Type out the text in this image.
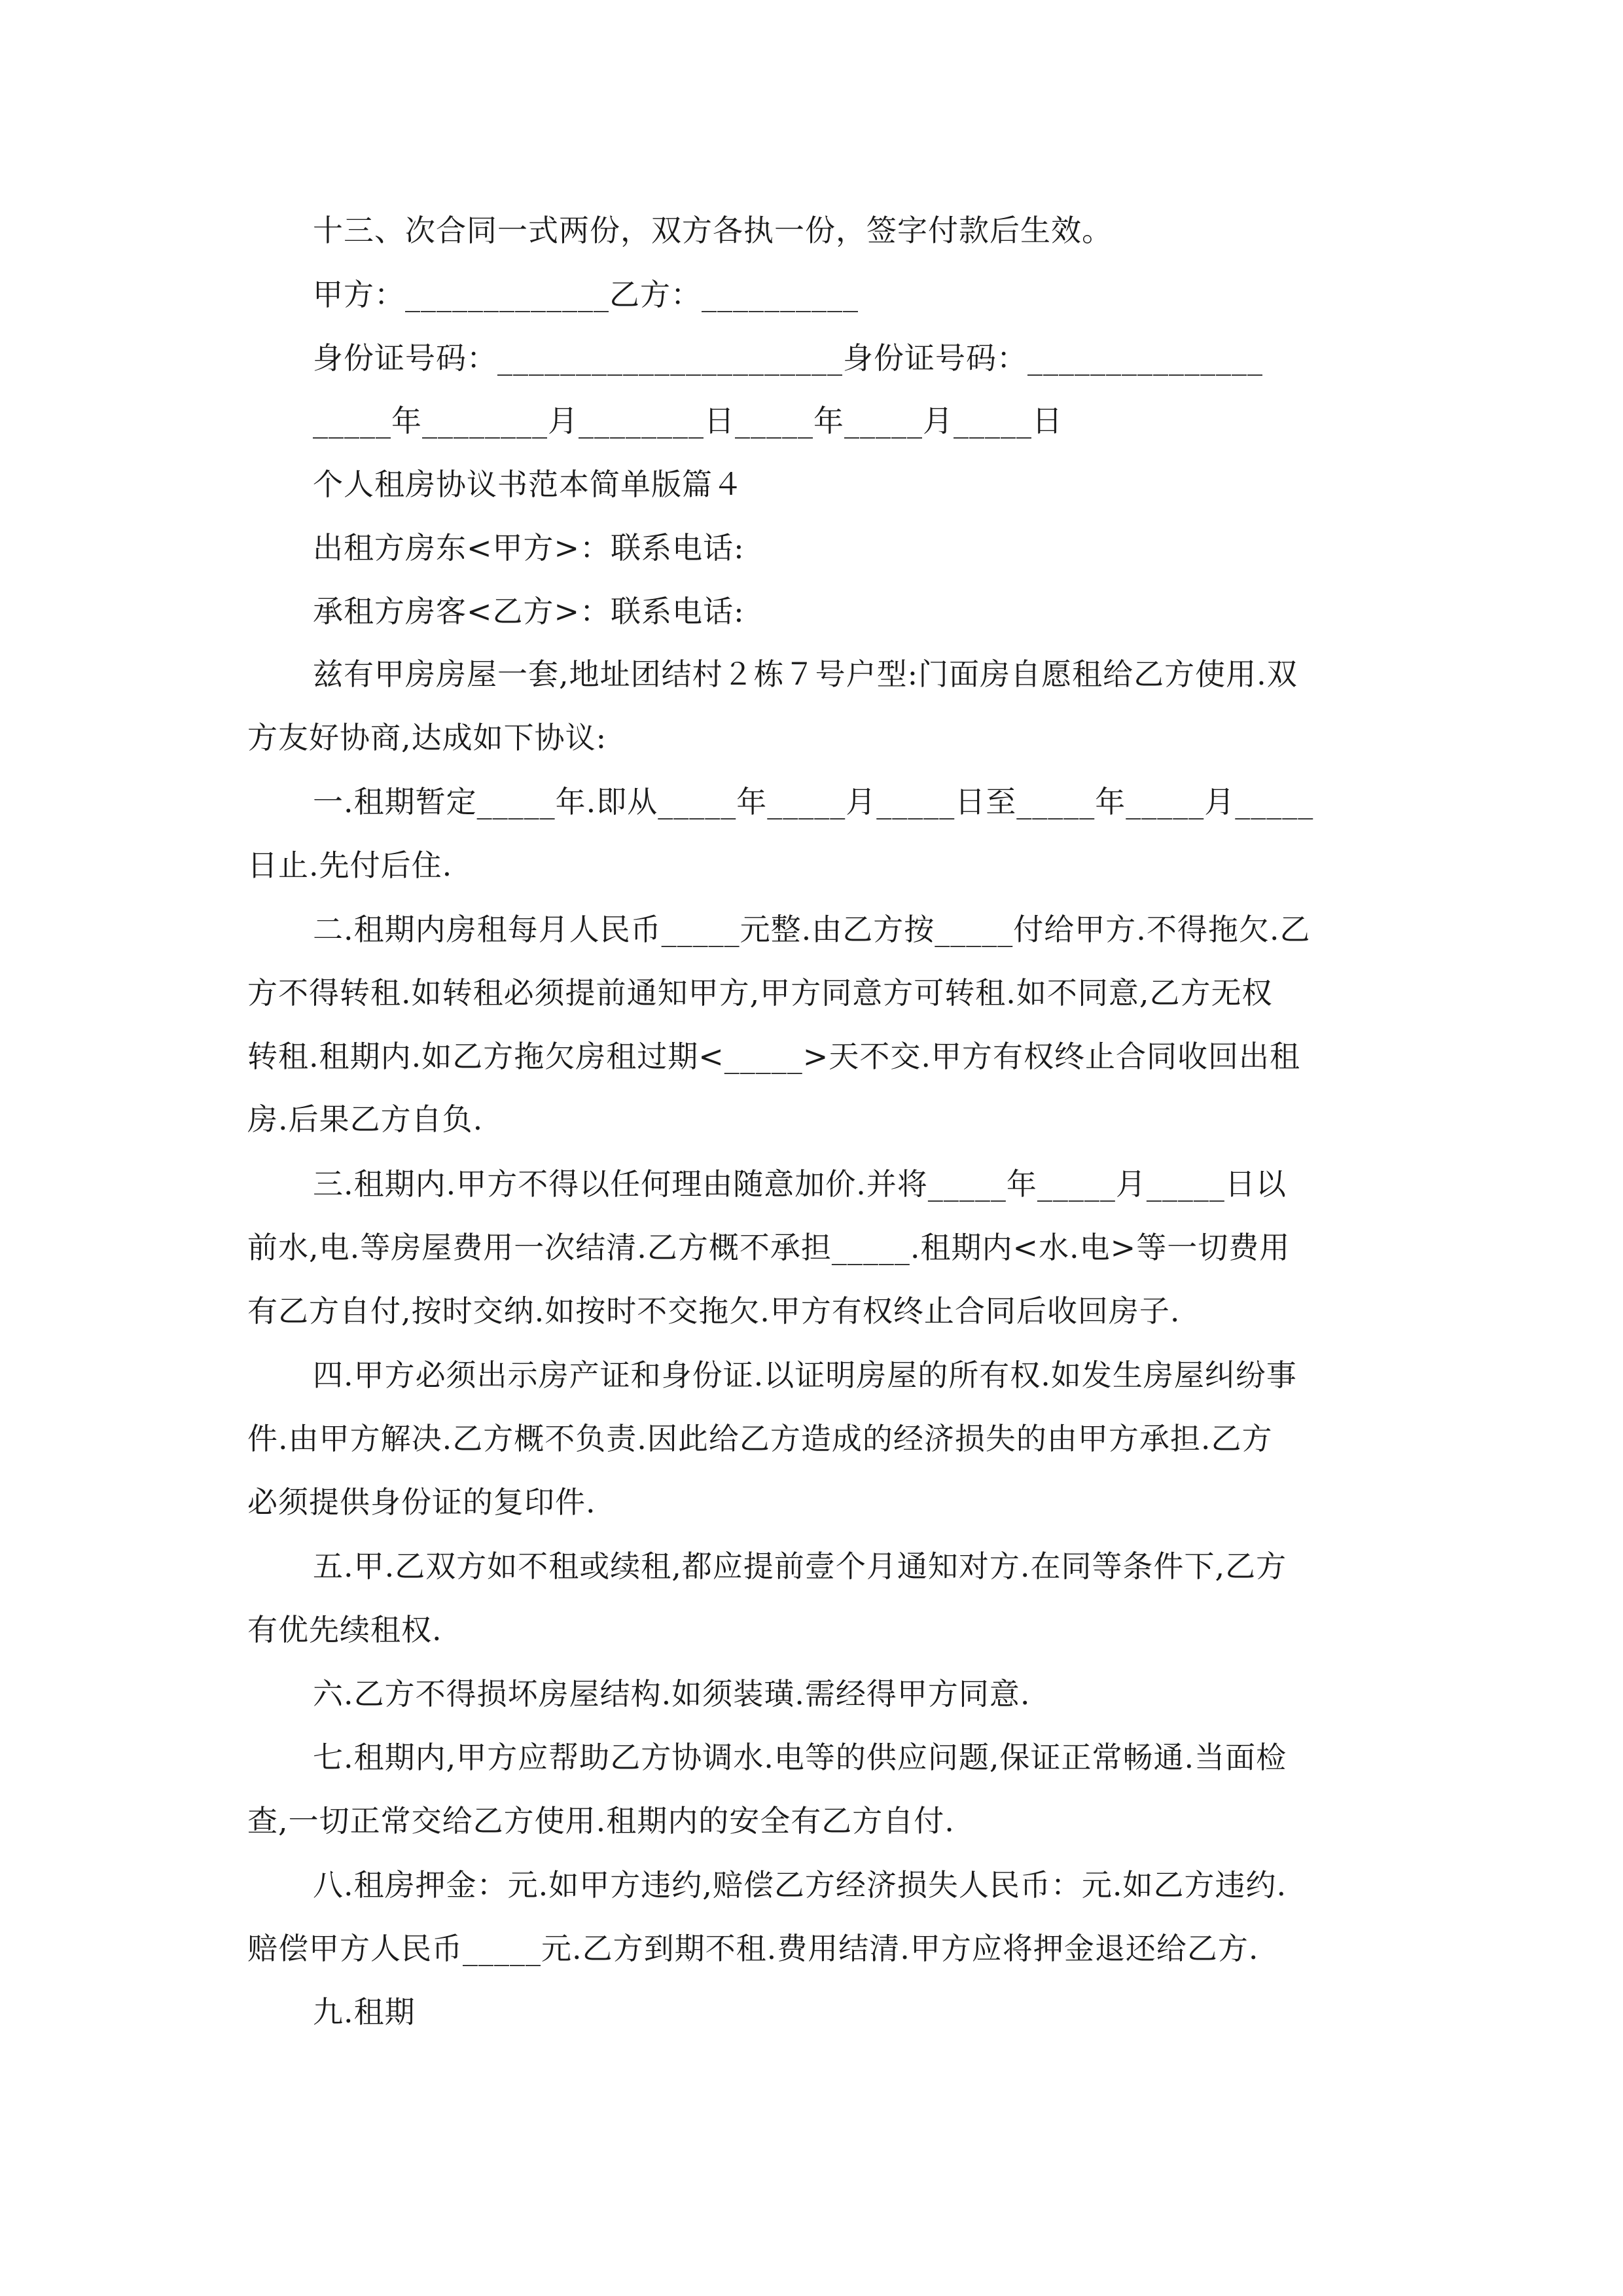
十三、次合同一式两份，双方各执一份，签字付款后生效。
甲方：_____________乙方：__________
身份证号码：______________________身份证号码：_______________
_____年________月________日_____年_____月_____日
个人租房协议书范本简单版篇４
出租方房东<甲方>：联系电话:
承租方房客<乙方>：联系电话:
兹有甲房房屋一套,地址团结村２栋７号户型:门面房自愿租给乙方使用.双
方友好协商,达成如下协议:
一.租期暂定_____年.即从_____年_____月_____日至_____年_____月_____
日止.先付后住.
二.租期内房租每月人民币_____元整.由乙方按_____付给甲方.不得拖欠.乙
方不得转租.如转租必须提前通知甲方,甲方同意方可转租.如不同意,乙方无权
转租.租期内.如乙方拖欠房租过期<_____>天不交.甲方有权终止合同收回出租
房.后果乙方自负.
三.租期内.甲方不得以任何理由随意加价.并将_____年_____月_____日以
前水,电.等房屋费用一次结清.乙方概不承担_____.租期内<水.电>等一切费用
有乙方自付,按时交纳.如按时不交拖欠.甲方有权终止合同后收回房子.
四.甲方必须出示房产证和身份证.以证明房屋的所有权.如发生房屋纠纷事
件.由甲方解决.乙方概不负责.因此给乙方造成的经济损失的由甲方承担.乙方
必须提供身份证的复印件.
五.甲.乙双方如不租或续租,都应提前壹个月通知对方.在同等条件下,乙方
有优先续租权.
六.乙方不得损坏房屋结构.如须装璜.需经得甲方同意.
七.租期内,甲方应帮助乙方协调水.电等的供应问题,保证正常畅通.当面检
查,一切正常交给乙方使用.租期内的安全有乙方自付.
八.租房押金：元.如甲方违约,赔偿乙方经济损失人民币：元.如乙方违约.
赔偿甲方人民币_____元.乙方到期不租.费用结清.甲方应将押金退还给乙方.
九.租期
